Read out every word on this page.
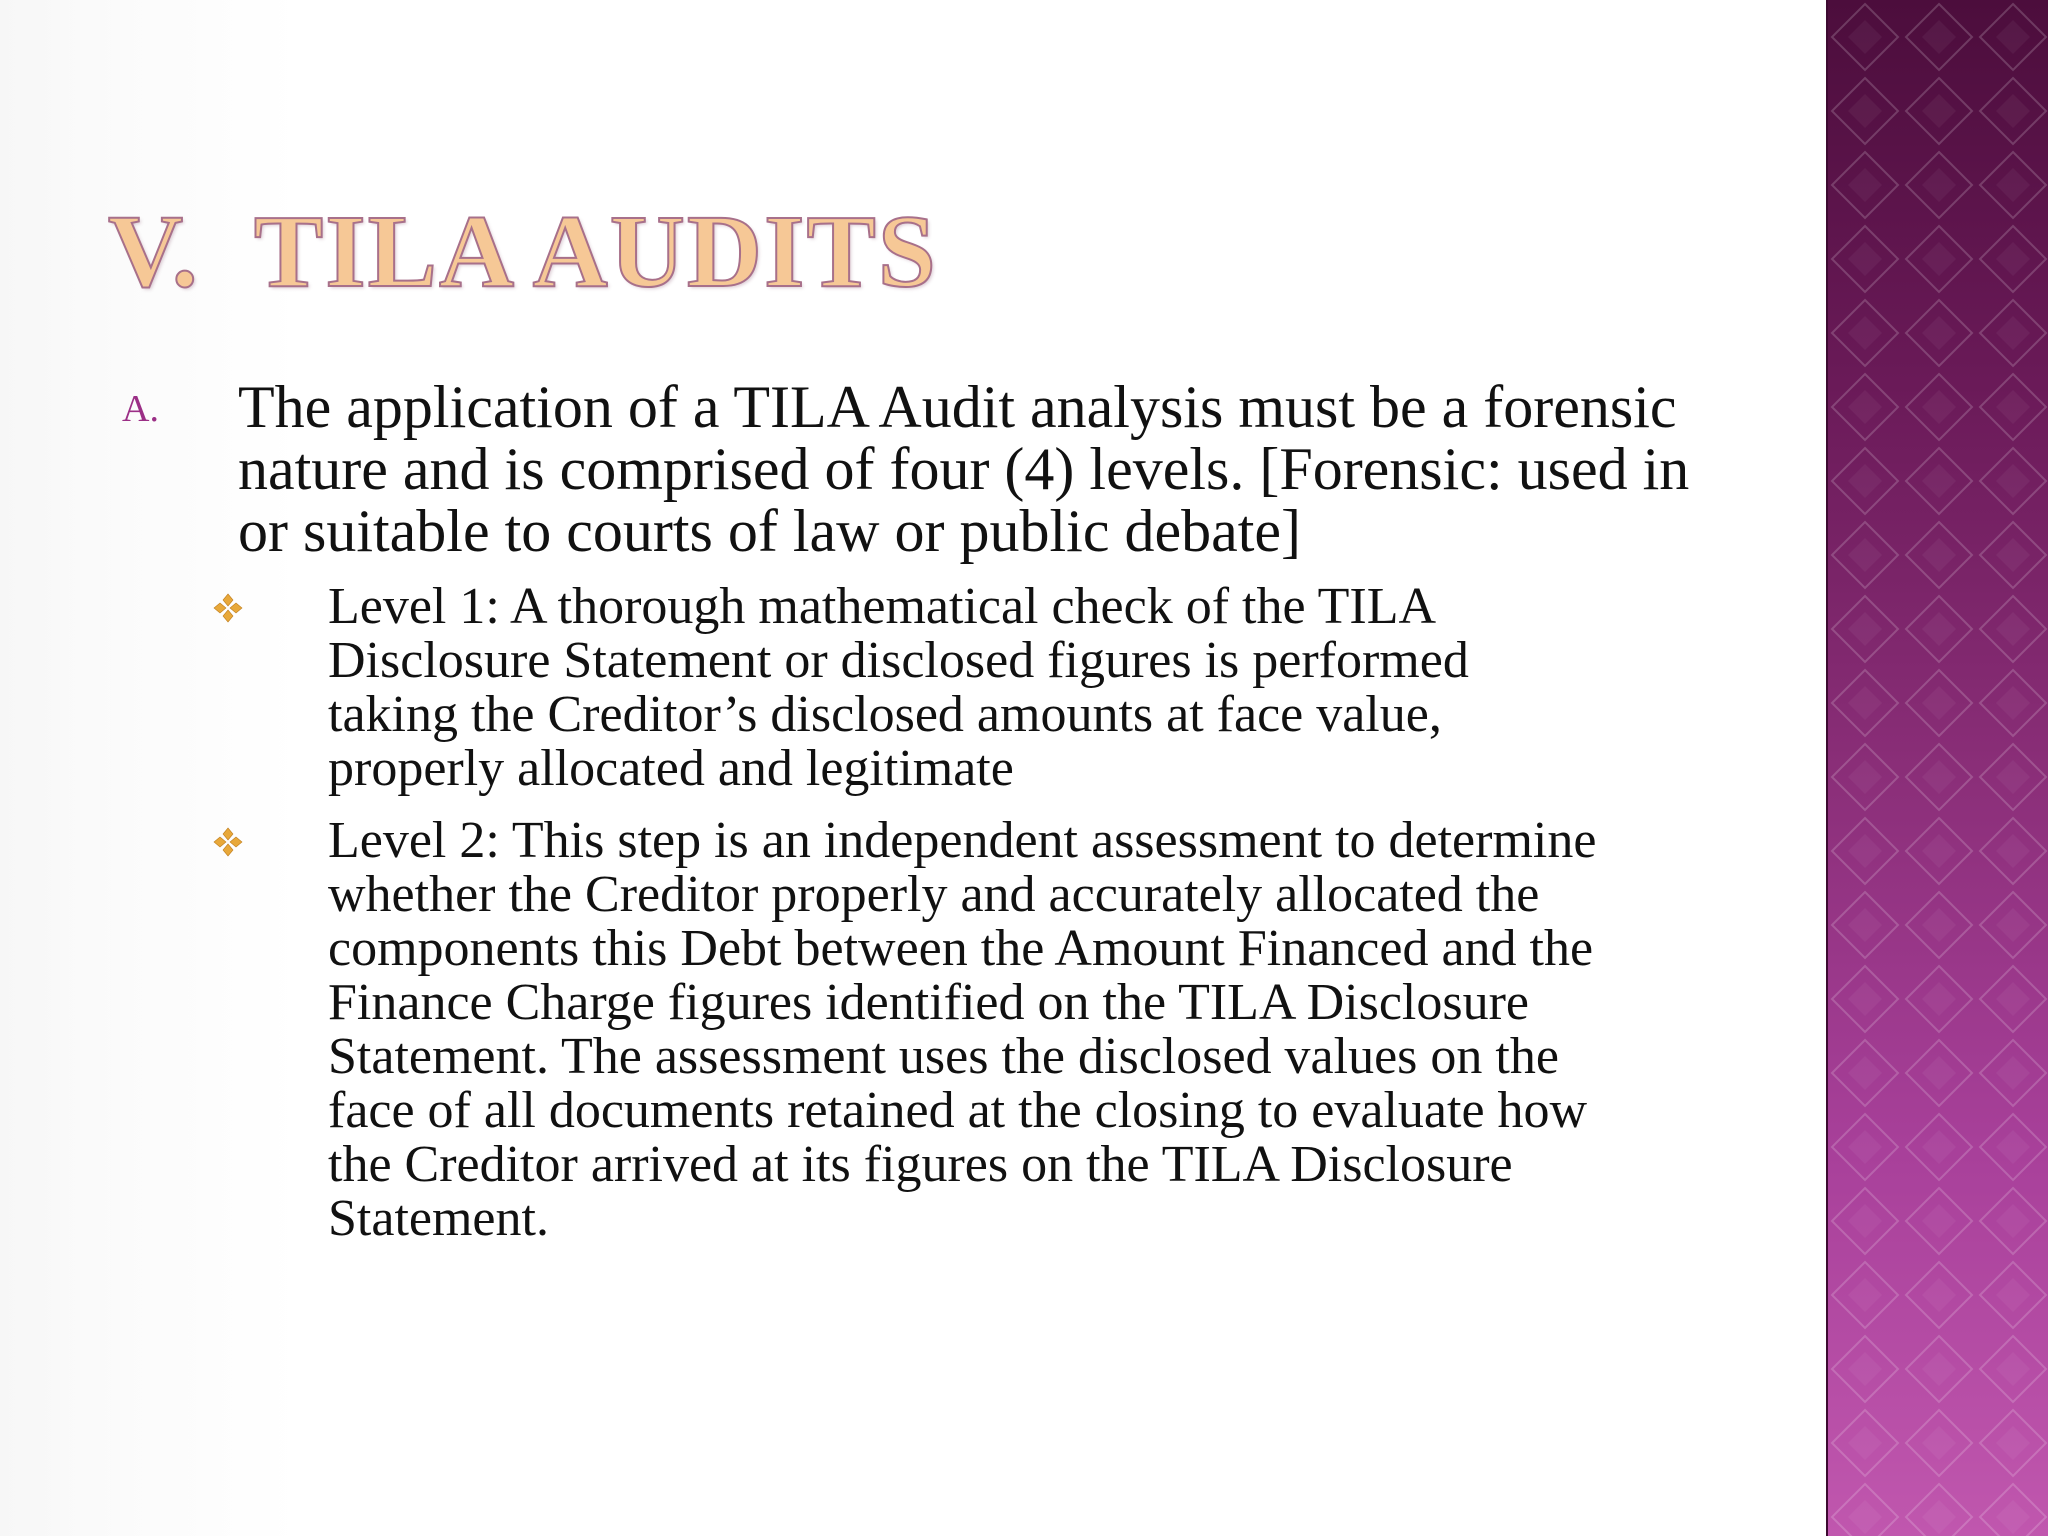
V.  TILA AUDITS
A. The application of a TILA Audit analysis must be a forensic nature and is comprised of four (4) levels. [Forensic: used in or suitable to courts of law or public debate]
Level 1: A thorough mathematical check of the TILA Disclosure Statement or disclosed figures is performed taking the Creditor’s disclosed amounts at face value, properly allocated and legitimate
Level 2: This step is an independent assessment to determine whether the Creditor properly and accurately allocated the components this Debt between the Amount Financed and the Finance Charge figures identified on the TILA Disclosure Statement. The assessment uses the disclosed values on the face of all documents retained at the closing to evaluate how the Creditor arrived at its figures on the TILA Disclosure Statement.
